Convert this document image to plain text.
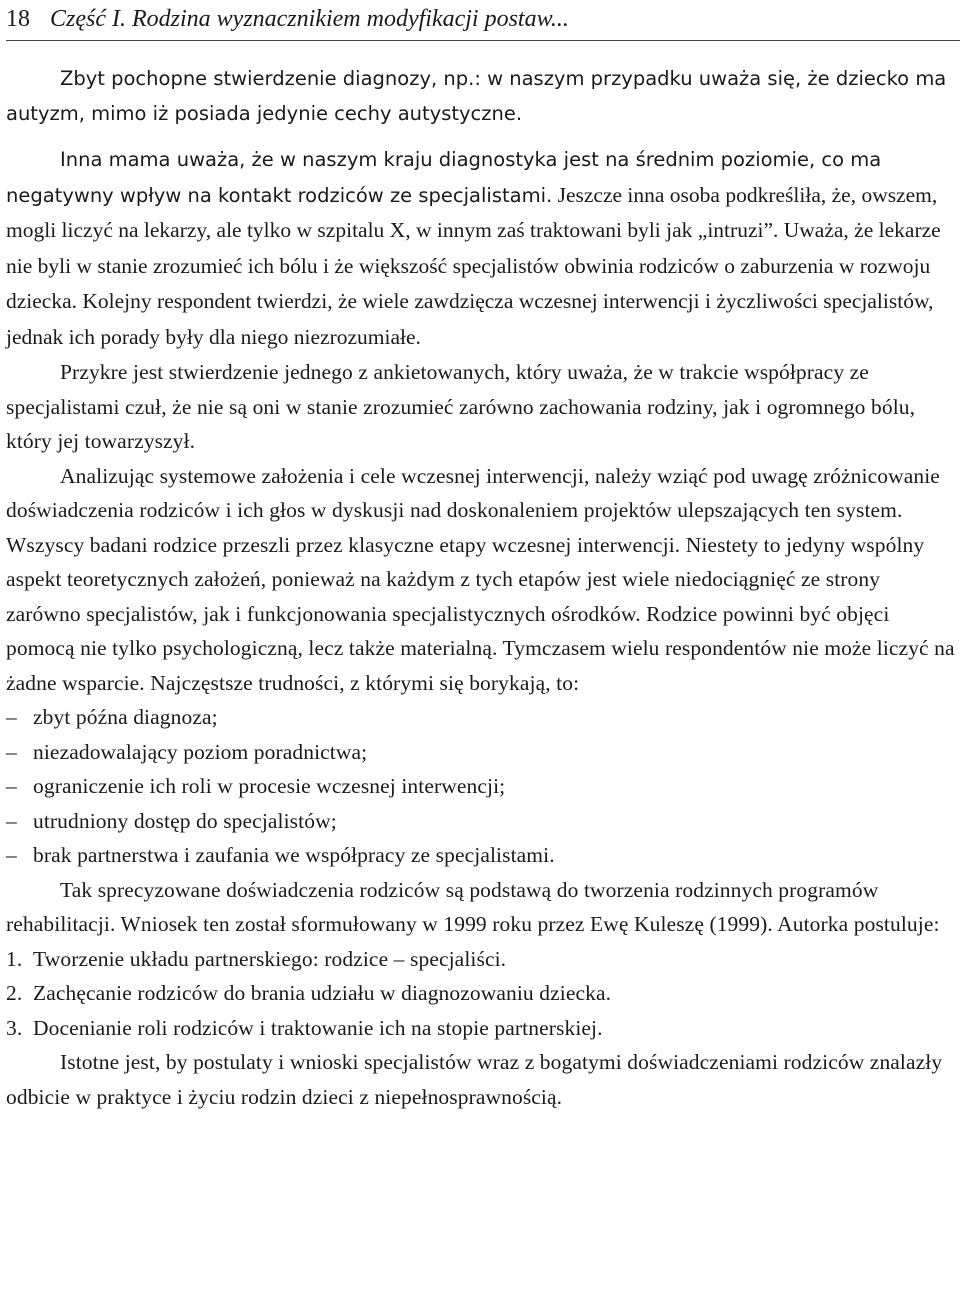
18 Część I. Rodzina wyznacznikiem modyfikacji postaw...

Zbyt pochopne stwierdzenie diagnozy, np.: w naszym przypadku uważa się, że dziecko ma autyzm, mimo iż posiada jedynie cechy autystyczne.

Inna mama uważa, że w naszym kraju diagnostyka jest na średnim poziomie, co ma negatywny wpływ na kontakt rodziców ze specjalistami. Jeszcze inna osoba podkreśliła, że, owszem, mogli liczyć na lekarzy, ale tylko w szpitalu X, w innym zaś traktowani byli jak „intruzi”. Uważa, że lekarze nie byli w stanie zrozumieć ich bólu i że większość specjalistów obwinia rodziców o zaburzenia w rozwoju dziecka. Kolejny respondent twierdzi, że wiele zawdzięcza wczesnej interwencji i życzliwości specjalistów, jednak ich porady były dla niego niezrozumiałe.

Przykre jest stwierdzenie jednego z ankietowanych, który uważa, że w trakcie współpracy ze specjalistami czuł, że nie są oni w stanie zrozumieć zarówno zachowania rodziny, jak i ogromnego bólu, który jej towarzyszył.

Analizując systemowe założenia i cele wczesnej interwencji, należy wziąć pod uwagę zróżnicowanie doświadczenia rodziców i ich głos w dyskusji nad doskonaleniem projektów ulepszających ten system. Wszyscy badani rodzice przeszli przez klasyczne etapy wczesnej interwencji. Niestety to jedyny wspólny aspekt teoretycznych założeń, ponieważ na każdym z tych etapów jest wiele niedociągnięć ze strony zarówno specjalistów, jak i funkcjonowania specjalistycznych ośrodków. Rodzice powinni być objęci pomocą nie tylko psychologiczną, lecz także materialną. Tymczasem wielu respondentów nie może liczyć na żadne wsparcie. Najczęstsze trudności, z którymi się borykają, to:

– zbyt późna diagnoza;
– niezadowalający poziom poradnictwa;
– ograniczenie ich roli w procesie wczesnej interwencji;
– utrudniony dostęp do specjalistów;
– brak partnerstwa i zaufania we współpracy ze specjalistami.

Tak sprecyzowane doświadczenia rodziców są podstawą do tworzenia rodzinnych programów rehabilitacji. Wniosek ten został sformułowany w 1999 roku przez Ewę Kuleszę (1999). Autorka postuluje:

1. Tworzenie układu partnerskiego: rodzice – specjaliści.
2. Zachęcanie rodziców do brania udziału w diagnozowaniu dziecka.
3. Docenianie roli rodziców i traktowanie ich na stopie partnerskiej.

Istotne jest, by postulaty i wnioski specjalistów wraz z bogatymi doświadczeniami rodziców znalazły odbicie w praktyce i życiu rodzin dzieci z niepełnosprawnością.
